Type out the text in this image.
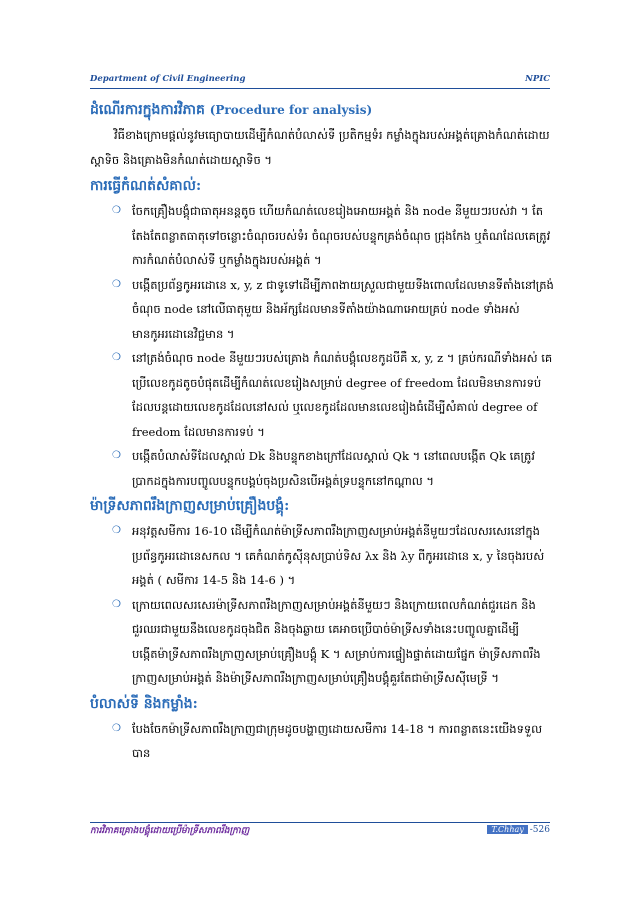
Department of Civil Engineering	NPIC
ដំណើរការក្នុងការវិភាគ (Procedure for analysis)

វិធីខាងក្រោមផ្តល់នូវមធ្យោបាយដើម្បីកំណត់បំលាស់ទី ប្រតិកម្មទំរ កម្លាំងក្នុងរបស់អង្គត់គ្រោងកំណត់ដោយស្តាទិច និងគ្រោងមិនកំណត់ដោយស្តាទិច ។

ការធ្វើកំណត់សំគាល់:
❍ ចែកគ្រឿងបង្គុំជាធាតុអនន្តតូច ហើយកំណត់លេខរៀងអោយអង្គត់ និង node នីមួយៗរបស់វា ។ តែតែងតែពន្លាតធាតុទៅចន្លោះចំណុចរបស់ទំរ ចំណុចរបស់បន្ទុកគ្រង់ចំណុច ជ្រុងកែង ឬតំណដែលគេត្រូវការកំណត់បំលាស់ទី ឬកម្លាំងក្នុងរបស់អង្គត់ ។
❍ បង្កើតប្រព័ន្ធកូអរដោនេ x, y, z ជាទូទៅដើម្បីភាពងាយស្រួលជាមួយទីងពោលដែលមានទីតាំងនៅត្រង់ចំណុច node នៅលើធាតុមួយ និងអ័ក្សដែលមានទីតាំងយ៉ាងណាអោយគ្រប់ node ទាំងអស់មានកូអរដោនេវិជ្ជមាន ។
❍ នៅត្រង់ចំណុច node នីមួយៗរបស់គ្រោង កំណត់បង្គុំលេខកូដបីគឺ x, y, z ។ គ្រប់ករណីទាំងអស់ គេប្រើលេខកូដតូចបំផុតដើម្បីកំណត់លេខរៀងសម្រាប់ degree of freedom ដែលមិនមានការទប់ ដែលបន្តដោយលេខកូដដែលនៅសល់ ឬលេខកូដដែលមានលេខរៀងធំដើម្បីសំគាល់ degree of freedom ដែលមានការទប់ ។
❍ បង្កើតបំលាស់ទីដែលស្គាល់ Dk និងបន្ទុកខាងក្រៅដែលស្គាល់ Qk ។ នៅពេលបង្កើត Qk គេត្រូវប្រាកដក្នុងការបញ្ចូលបន្ទុកបង្គប់ចុងប្រសិនបើអង្គត់ទ្របន្ទុកនៅកណ្តាល ។
ម៉ាទ្រីសភាពរឹងក្រាញសម្រាប់គ្រឿងបង្គុំ:
❍ អនុវត្តសមីការ 16-10 ដើម្បីកំណត់ម៉ាទ្រីសភាពរឹងក្រាញសម្រាប់អង្គត់នីមួយៗដែលសរសេរនៅក្នុងប្រព័ន្ធកូអរដោនេសកល ។ គេកំណត់កូស៊ីនុសប្រាប់ទិស λx និង λy ពីកូអរដោនេ x, y នៃចុងរបស់អង្គត់ ( សមីការ 14-5 និង 14-6 ) ។
❍ ក្រោយពេលសរសេរម៉ាទ្រីសភាពរឹងក្រាញសម្រាប់អង្គត់នីមួយៗ និងក្រោយពេលកំណត់ជួរដេក និងជួរឈរជាមួយនឹងលេខកូដចុងជិត និងចុងឆ្ងាយ គេអាចប្រើបាច់ម៉ាទ្រីសទាំងនេះបញ្ចូលគ្នាដើម្បីបង្កើតម៉ាទ្រីសភាពរឹងក្រាញសម្រាប់គ្រឿងបង្គុំ K ។ សម្រាប់ការផ្ទៀងផ្ទាត់ដោយផ្នែក ម៉ាទ្រីសភាពរឹងក្រាញសម្រាប់អង្គត់ និងម៉ាទ្រីសភាពរឹងក្រាញសម្រាប់គ្រឿងបង្គុំគួរតែជាម៉ាទ្រីសស៊ីមេទ្រី ។
បំលាស់ទី និងកម្លាំង:
❍ បែងចែកម៉ាទ្រីសភាពរឹងក្រាញជាក្រុមដូចបង្ហាញដោយសមីការ 14-18 ។ ការពន្លាតនេះយើងទទួលបាន
ការវិភាគគ្រោងបង្គុំដោយប្រើម៉ាទ្រីសភាពរឹងក្រាញ	T.Chhay -526
